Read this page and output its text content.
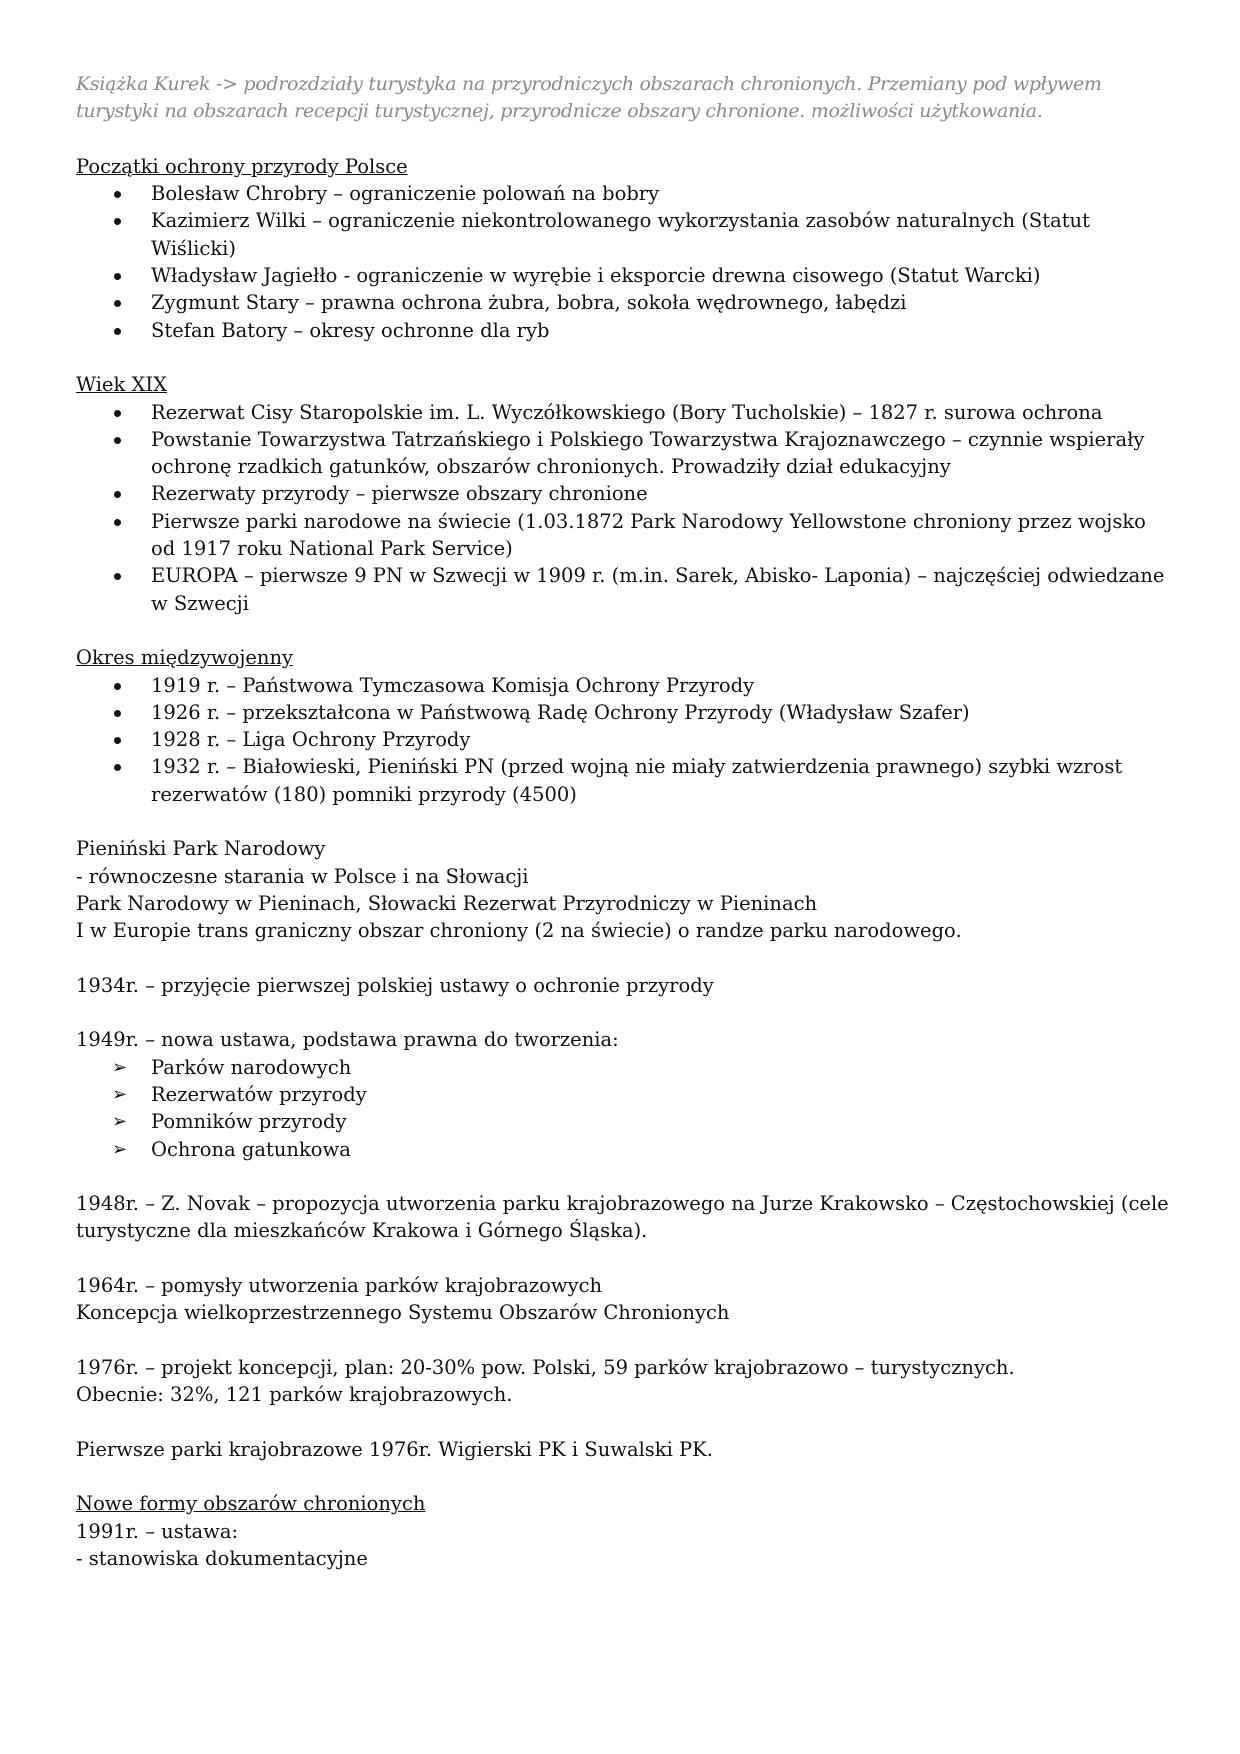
Książka Kurek -> podrozdziały turystyka na przyrodniczych obszarach chronionych. Przemiany pod wpływem turystyki na obszarach recepcji turystycznej, przyrodnicze obszary chronione. możliwości użytkowania.

Początki ochrony przyrody Polsce

Bolesław Chrobry – ograniczenie polowań na bobry
Kazimierz Wilki – ograniczenie niekontrolowanego wykorzystania zasobów naturalnych (Statut Wiślicki)
Władysław Jagiełło - ograniczenie w wyrębie i eksporcie drewna cisowego (Statut Warcki)
Zygmunt Stary – prawna ochrona żubra, bobra, sokoła wędrownego, łabędzi
Stefan Batory – okresy ochronne dla ryb

Wiek XIX

Rezerwat Cisy Staropolskie im. L. Wyczółkowskiego (Bory Tucholskie) – 1827 r. surowa ochrona
Powstanie Towarzystwa Tatrzańskiego i Polskiego Towarzystwa Krajoznawczego – czynnie wspierały ochronę rzadkich gatunków, obszarów chronionych. Prowadziły dział edukacyjny
Rezerwaty przyrody – pierwsze obszary chronione
Pierwsze parki narodowe na świecie (1.03.1872 Park Narodowy Yellowstone chroniony przez wojsko od 1917 roku National Park Service)
EUROPA – pierwsze 9 PN w Szwecji w 1909 r. (m.in. Sarek, Abisko- Laponia) – najczęściej odwiedzane w Szwecji

Okres międzywojenny

1919 r. – Państwowa Tymczasowa Komisja Ochrony Przyrody
1926 r. – przekształcona w Państwową Radę Ochrony Przyrody (Władysław Szafer)
1928 r. – Liga Ochrony Przyrody
1932 r. – Białowieski, Pieniński PN (przed wojną nie miały zatwierdzenia prawnego) szybki wzrost rezerwatów (180) pomniki przyrody (4500)

Pieniński Park Narodowy

- równoczesne starania w Polsce i na Słowacji

Park Narodowy w Pieninach, Słowacki Rezerwat Przyrodniczy w Pieninach

I w Europie trans graniczny obszar chroniony (2 na świecie) o randze parku narodowego.

1934r. – przyjęcie pierwszej polskiej ustawy o ochronie przyrody

1949r. – nowa ustawa, podstawa prawna do tworzenia:

➢ Parków narodowych
➢ Rezerwatów przyrody
➢ Pomników przyrody
➢ Ochrona gatunkowa

1948r. – Z. Novak – propozycja utworzenia parku krajobrazowego na Jurze Krakowsko – Częstochowskiej (cele turystyczne dla mieszkańców Krakowa i Górnego Śląska).

1964r. – pomysły utworzenia parków krajobrazowych

Koncepcja wielkoprzestrzennego Systemu Obszarów Chronionych

1976r. – projekt koncepcji, plan: 20-30% pow. Polski, 59 parków krajobrazowo – turystycznych.

Obecnie: 32%, 121 parków krajobrazowych.

Pierwsze parki krajobrazowe 1976r. Wigierski PK i Suwalski PK.

Nowe formy obszarów chronionych

1991r. – ustawa:

- stanowiska dokumentacyjne
